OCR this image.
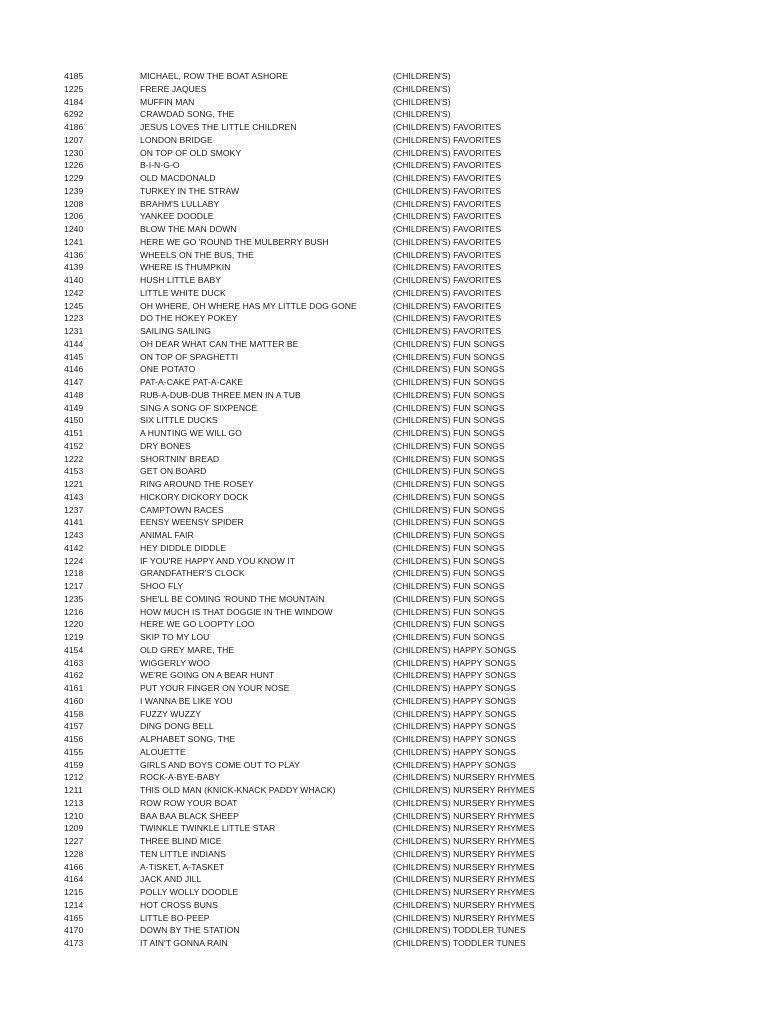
4185	MICHAEL, ROW THE BOAT ASHORE	(CHILDREN'S)
1225	FRERE JAQUES	(CHILDREN'S)
4184	MUFFIN MAN	(CHILDREN'S)
6292	CRAWDAD SONG, THE	(CHILDREN'S)
4186	JESUS LOVES THE LITTLE CHILDREN	(CHILDREN'S) FAVORITES
1207	LONDON BRIDGE	(CHILDREN'S) FAVORITES
1230	ON TOP OF OLD SMOKY	(CHILDREN'S) FAVORITES
1226	B-I-N-G-O	(CHILDREN'S) FAVORITES
1229	OLD MACDONALD	(CHILDREN'S) FAVORITES
1239	TURKEY IN THE STRAW	(CHILDREN'S) FAVORITES
1208	BRAHM'S LULLABY	(CHILDREN'S) FAVORITES
1206	YANKEE DOODLE	(CHILDREN'S) FAVORITES
1240	BLOW THE MAN DOWN	(CHILDREN'S) FAVORITES
1241	HERE WE GO 'ROUND THE MULBERRY BUSH	(CHILDREN'S) FAVORITES
4136	WHEELS ON THE BUS, THE	(CHILDREN'S) FAVORITES
4139	WHERE IS THUMPKIN	(CHILDREN'S) FAVORITES
4140	HUSH LITTLE BABY	(CHILDREN'S) FAVORITES
1242	LITTLE WHITE DUCK	(CHILDREN'S) FAVORITES
1245	OH WHERE, OH WHERE HAS MY LITTLE DOG GONE	(CHILDREN'S) FAVORITES
1223	DO THE HOKEY POKEY	(CHILDREN'S) FAVORITES
1231	SAILING SAILING	(CHILDREN'S) FAVORITES
4144	OH DEAR WHAT CAN THE MATTER BE	(CHILDREN'S) FUN SONGS
4145	ON TOP OF SPAGHETTI	(CHILDREN'S) FUN SONGS
4146	ONE POTATO	(CHILDREN'S) FUN SONGS
4147	PAT-A-CAKE PAT-A-CAKE	(CHILDREN'S) FUN SONGS
4148	RUB-A-DUB-DUB THREE MEN IN A TUB	(CHILDREN'S) FUN SONGS
4149	SING A SONG OF SIXPENCE	(CHILDREN'S) FUN SONGS
4150	SIX LITTLE DUCKS	(CHILDREN'S) FUN SONGS
4151	A HUNTING WE WILL GO	(CHILDREN'S) FUN SONGS
4152	DRY BONES	(CHILDREN'S) FUN SONGS
1222	SHORTNIN' BREAD	(CHILDREN'S) FUN SONGS
4153	GET ON BOARD	(CHILDREN'S) FUN SONGS
1221	RING AROUND THE ROSEY	(CHILDREN'S) FUN SONGS
4143	HICKORY DICKORY DOCK	(CHILDREN'S) FUN SONGS
1237	CAMPTOWN RACES	(CHILDREN'S) FUN SONGS
4141	EENSY WEENSY SPIDER	(CHILDREN'S) FUN SONGS
1243	ANIMAL FAIR	(CHILDREN'S) FUN SONGS
4142	HEY DIDDLE DIDDLE	(CHILDREN'S) FUN SONGS
1224	IF YOU'RE HAPPY AND YOU KNOW IT	(CHILDREN'S) FUN SONGS
1218	GRANDFATHER'S CLOCK	(CHILDREN'S) FUN SONGS
1217	SHOO FLY	(CHILDREN'S) FUN SONGS
1235	SHE'LL BE COMING 'ROUND THE MOUNTAIN	(CHILDREN'S) FUN SONGS
1216	HOW MUCH IS THAT DOGGIE IN THE WINDOW	(CHILDREN'S) FUN SONGS
1220	HERE WE GO LOOPTY LOO	(CHILDREN'S) FUN SONGS
1219	SKIP TO MY LOU	(CHILDREN'S) FUN SONGS
4154	OLD GREY MARE, THE	(CHILDREN'S) HAPPY SONGS
4163	WIGGERLY WOO	(CHILDREN'S) HAPPY SONGS
4162	WE'RE GOING ON A BEAR HUNT	(CHILDREN'S) HAPPY SONGS
4161	PUT YOUR FINGER ON YOUR NOSE	(CHILDREN'S) HAPPY SONGS
4160	I WANNA BE LIKE YOU	(CHILDREN'S) HAPPY SONGS
4158	FUZZY WUZZY	(CHILDREN'S) HAPPY SONGS
4157	DING DONG BELL	(CHILDREN'S) HAPPY SONGS
4156	ALPHABET SONG, THE	(CHILDREN'S) HAPPY SONGS
4155	ALOUETTE	(CHILDREN'S) HAPPY SONGS
4159	GIRLS AND BOYS COME OUT TO PLAY	(CHILDREN'S) HAPPY SONGS
1212	ROCK-A-BYE-BABY	(CHILDREN'S) NURSERY RHYMES
1211	THIS OLD MAN (KNICK-KNACK PADDY WHACK)	(CHILDREN'S) NURSERY RHYMES
1213	ROW ROW YOUR BOAT	(CHILDREN'S) NURSERY RHYMES
1210	BAA BAA BLACK SHEEP	(CHILDREN'S) NURSERY RHYMES
1209	TWINKLE TWINKLE LITTLE STAR	(CHILDREN'S) NURSERY RHYMES
1227	THREE BLIND MICE	(CHILDREN'S) NURSERY RHYMES
1228	TEN LITTLE INDIANS	(CHILDREN'S) NURSERY RHYMES
4166	A-TISKET, A-TASKET	(CHILDREN'S) NURSERY RHYMES
4164	JACK AND JILL	(CHILDREN'S) NURSERY RHYMES
1215	POLLY WOLLY DOODLE	(CHILDREN'S) NURSERY RHYMES
1214	HOT CROSS BUNS	(CHILDREN'S) NURSERY RHYMES
4165	LITTLE BO-PEEP	(CHILDREN'S) NURSERY RHYMES
4170	DOWN BY THE STATION	(CHILDREN'S) TODDLER TUNES
4173	IT AIN'T GONNA RAIN	(CHILDREN'S) TODDLER TUNES
